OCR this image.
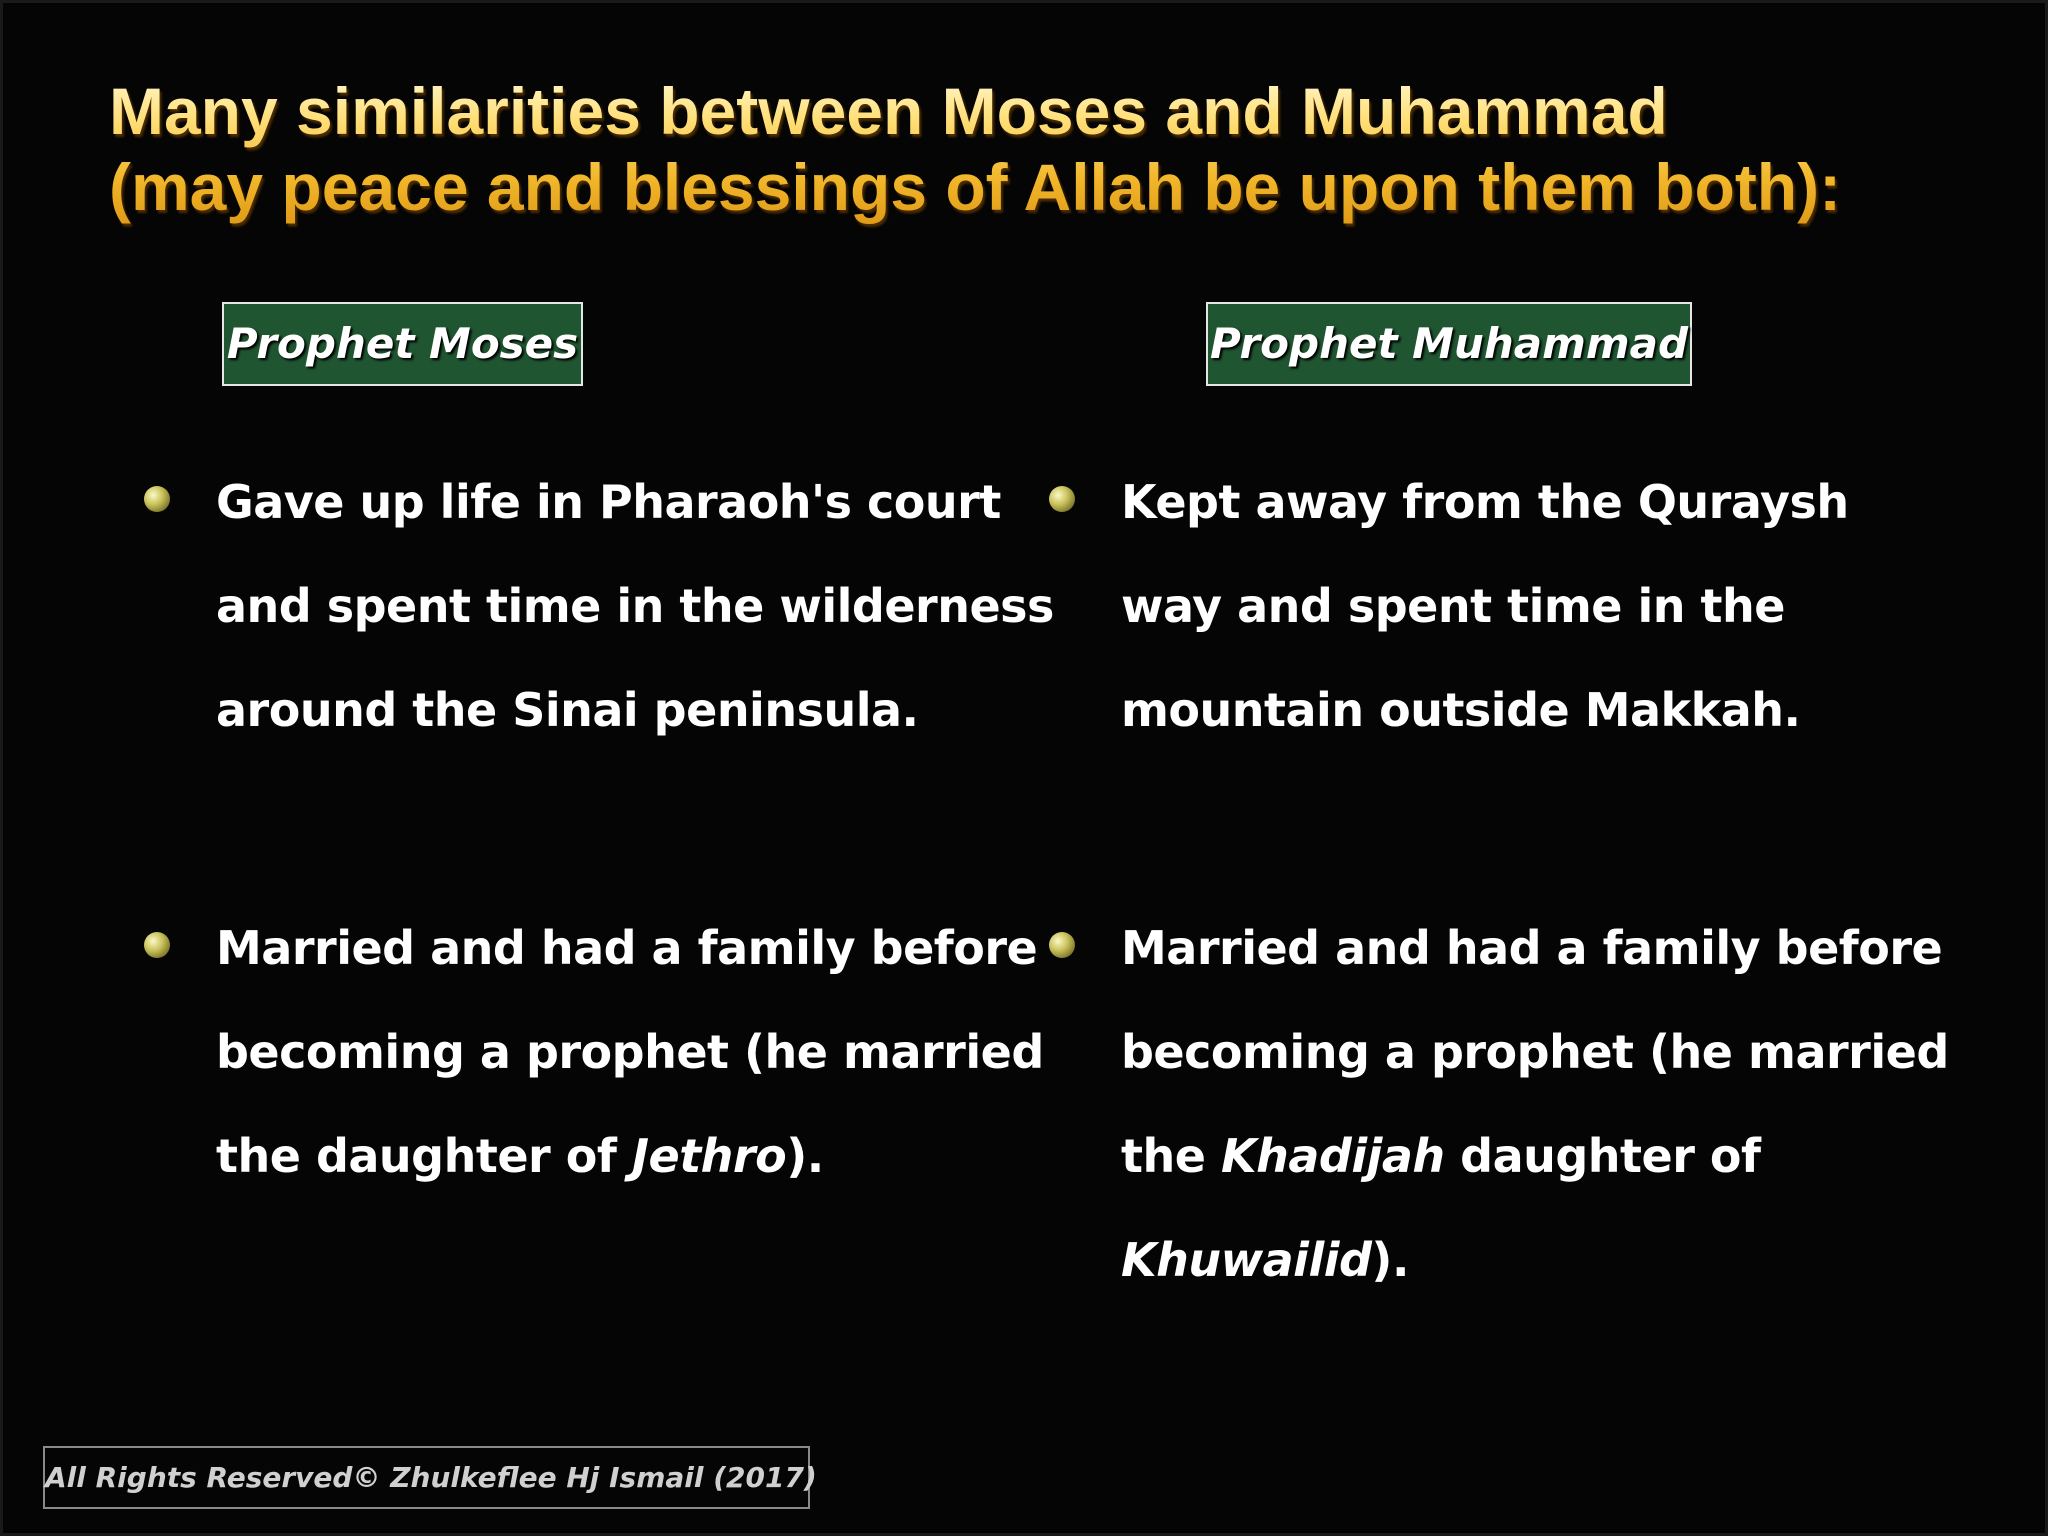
Many similarities between Moses and Muhammad
(may peace and blessings of Allah be upon them both):
Prophet Moses	Prophet Muhammad
Gave up life in Pharaoh's court
and spent time in the wilderness
around the Sinai peninsula.
Kept away from the Quraysh
way and spent time in the
mountain outside Makkah.
Married and had a family before
becoming a prophet (he married
the daughter of Jethro).
Married and had a family before
becoming a prophet (he married
the Khadijah daughter of
Khuwailid).
All Rights Reserved© Zhulkeflee Hj Ismail (2017)
